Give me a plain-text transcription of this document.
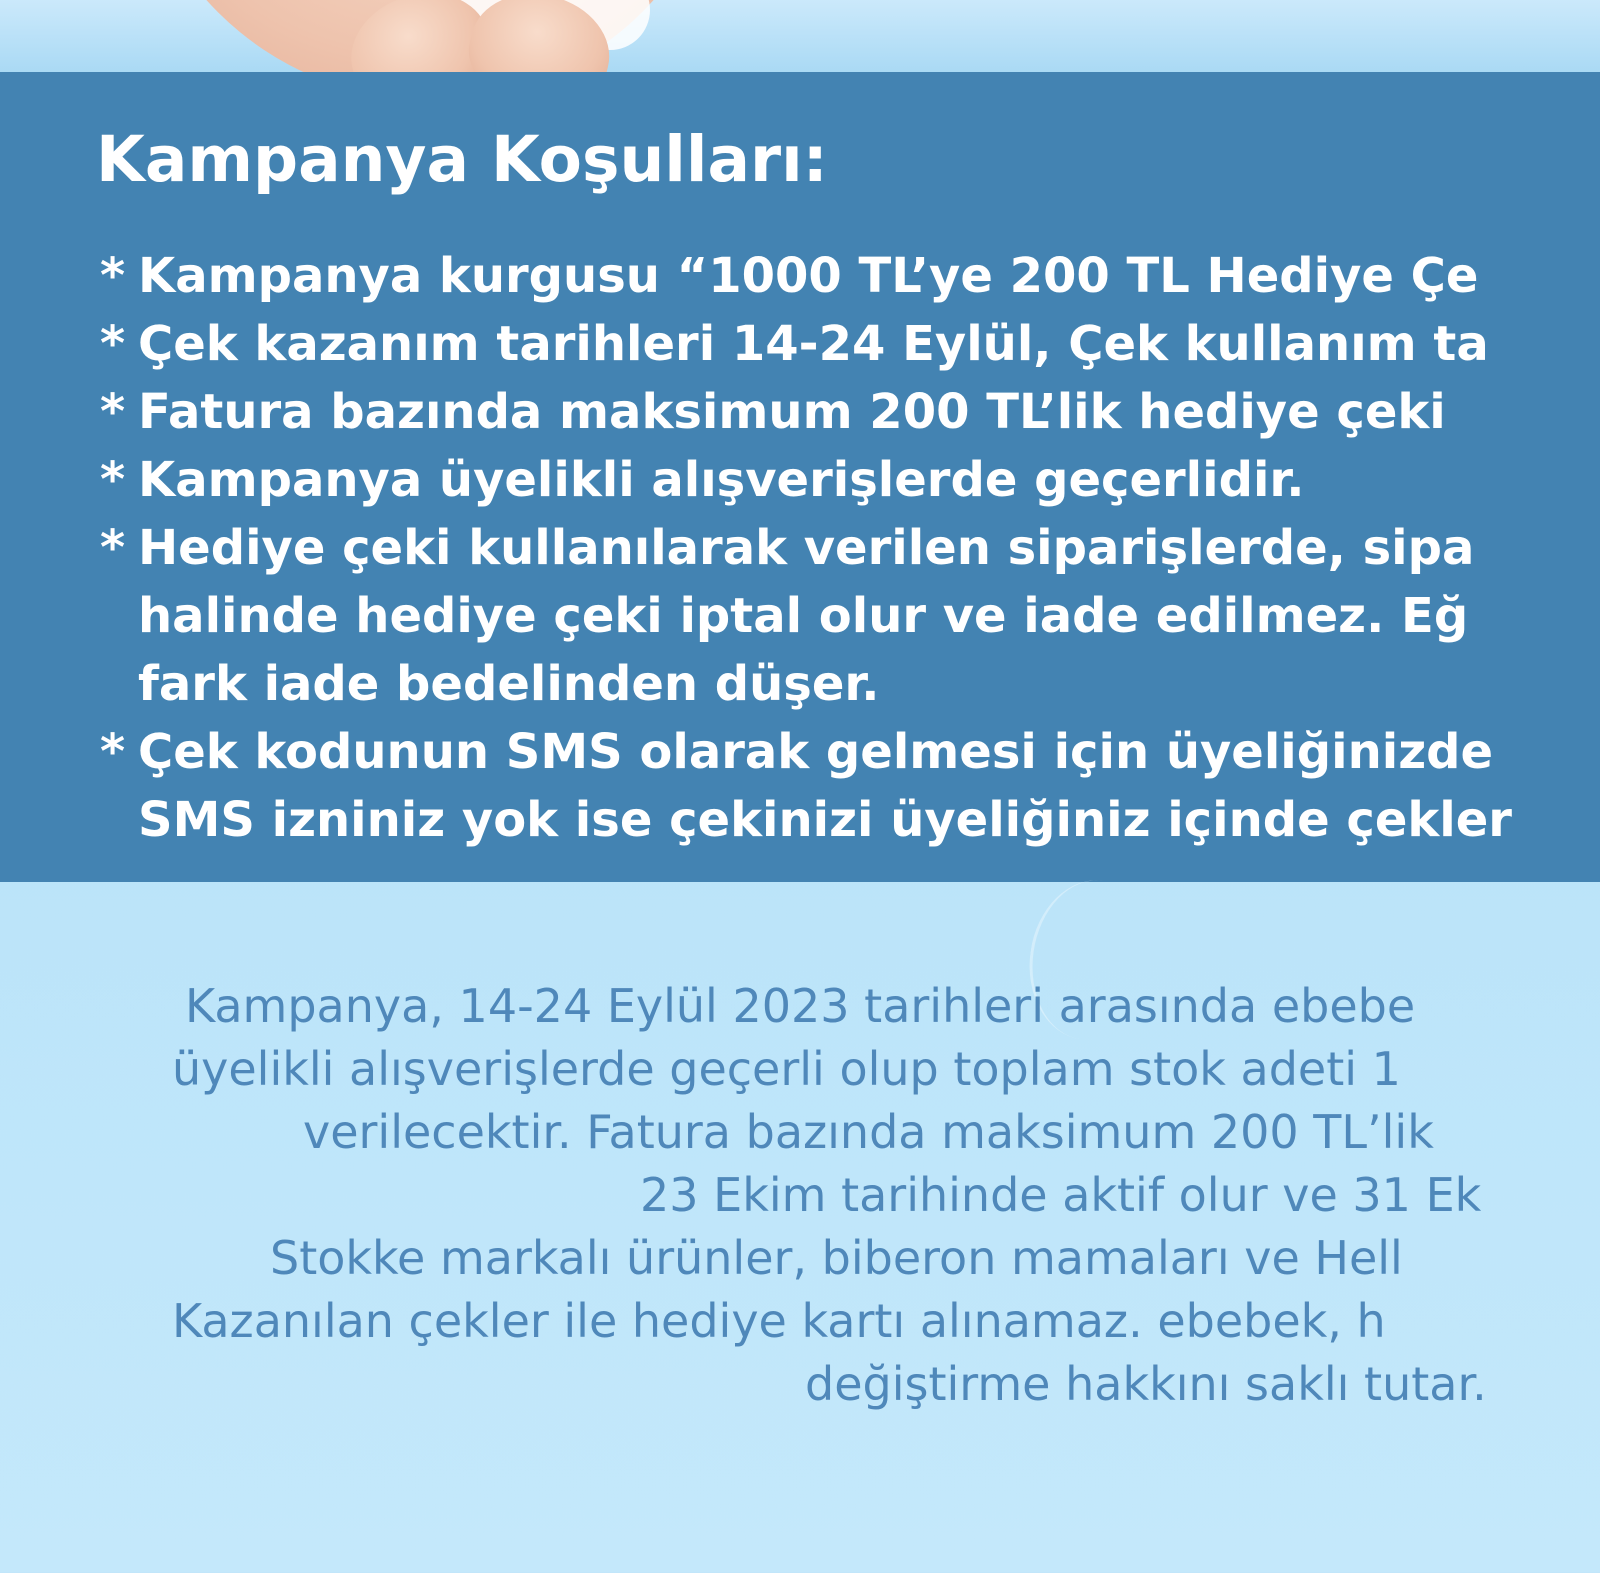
Kampanya Koşulları:
* Kampanya kurgusu “1000 TL’ye 200 TL Hediye Çe
* Çek kazanım tarihleri 14-24 Eylül, Çek kullanım ta
* Fatura bazında maksimum 200 TL’lik hediye çeki
* Kampanya üyelikli alışverişlerde geçerlidir.
* Hediye çeki kullanılarak verilen siparişlerde, sipa
halinde hediye çeki iptal olur ve iade edilmez. Eğ
fark iade bedelinden düşer.
* Çek kodunun SMS olarak gelmesi için üyeliğinizde
SMS izniniz yok ise çekinizi üyeliğiniz içinde çekler
Kampanya, 14-24 Eylül 2023 tarihleri arasında ebebe
üyelikli alışverişlerde geçerli olup toplam stok adeti 1
verilecektir. Fatura bazında maksimum 200 TL’lik
23 Ekim tarihinde aktif olur ve 31 Ek
Stokke markalı ürünler, biberon mamaları ve Hell
Kazanılan çekler ile hediye kartı alınamaz. ebebek, h
değiştirme hakkını saklı tutar.
